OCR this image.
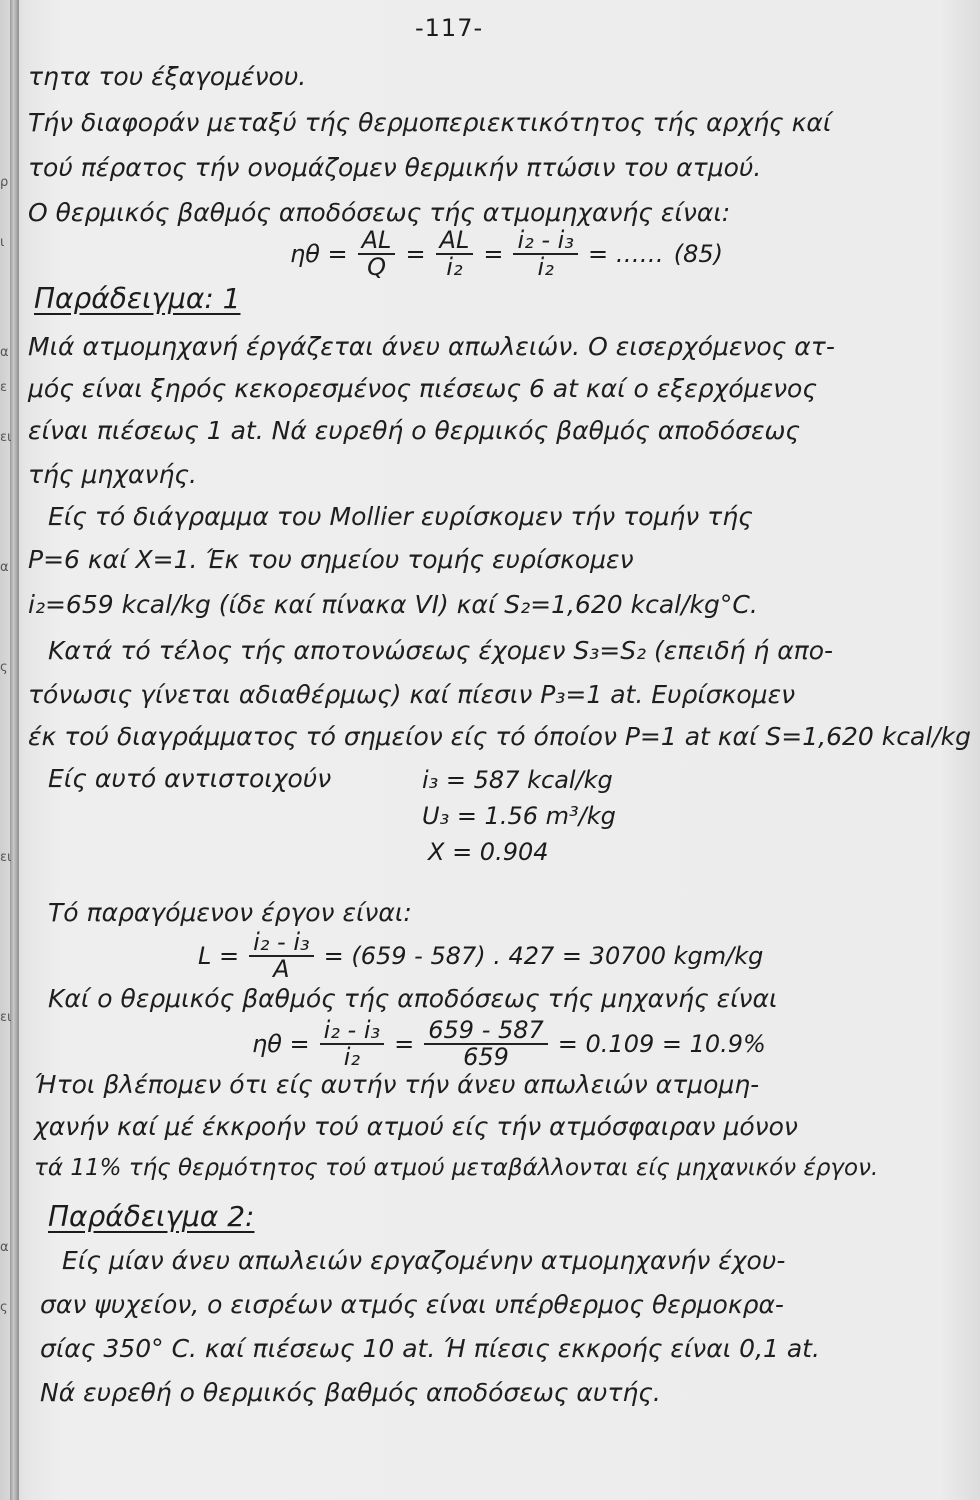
ρ
ι
α
ε
ει
α
ς
ει
ει
α
ς
-117-
τητα του έξαγομένου.
Τήν διαφοράν μεταξύ τής θερμοπεριεκτικότητος τής αρχής καί
τού πέρατος τήν ονομάζομεν θερμικήν πτώσιν του ατμού.
Ο θερμικός βαθμός αποδόσεως τής ατμομηχανής είναι:
$\eta\theta = \frac{AL}{Q} = \frac{AL}{\text{i₂}} = \frac{\text{i₂ - i₃}}{\text{i₂}}$ = …… (85)
Παράδειγμα: 1
Μιά ατμομηχανή έργάζεται άνευ απωλειών. Ο εισερχόμενος ατ-
μός είναι ξηρός κεκορεσμένος πιέσεως 6 at καί ο εξερχόμενος
είναι πιέσεως 1 at. Νά ευρεθή ο θερμικός βαθμός αποδόσεως
τής μηχανής.
Είς τό διάγραμμα του Mollier ευρίσκομεν τήν τομήν τής
P=6 καί X=1. Έκ του σημείου τομής ευρίσκομεν
i₂=659 kcal/kg (ίδε καί πίνακα VI) καί S₂=1,620 kcal/kg°C.
Κατά τό τέλος τής αποτονώσεως έχομεν S₃=S₂ (επειδή ή απο-
τόνωσις γίνεται αδιαθέρμως) καί πίεσιν P₃=1 at. Ευρίσκομεν
έκ τού διαγράμματος τό σημείον είς τό όποίον P=1 at καί S=1,620 kcal/kg
Είς αυτό αντιστοιχούν	i₃ = 587 kcal/kg
U₃ = 1.56 m³/kg
X = 0.904
Τό παραγόμενον έργον είναι:
$L = \frac{\text{i₂ - i₃}}{A} = (659 - 587)$ . 427 = 30700 kgm/kg
Καί ο θερμικός βαθμός τής αποδόσεως τής μηχανής είναι
$\eta\theta = \frac{\text{i₂ - i₃}}{\text{i₂}} = \frac{659 - 587}{659} = 0.109 = 10.9\%$
Ήτοι βλέπομεν ότι είς αυτήν τήν άνευ απωλειών ατμομη-
χανήν καί μέ έκκροήν τού ατμού είς τήν ατμόσφαιραν μόνον
τά 11% τής θερμότητος τού ατμού μεταβάλλονται είς μηχανικόν έργον.
Παράδειγμα 2:
Είς μίαν άνευ απωλειών εργαζομένην ατμομηχανήν έχου-
σαν ψυχείον, ο εισρέων ατμός είναι υπέρθερμος θερμοκρα-
σίας 350° C. καί πιέσεως 10 at. Ή πίεσις εκκροής είναι 0,1 at.
Νά ευρεθή ο θερμικός βαθμός αποδόσεως αυτής.
